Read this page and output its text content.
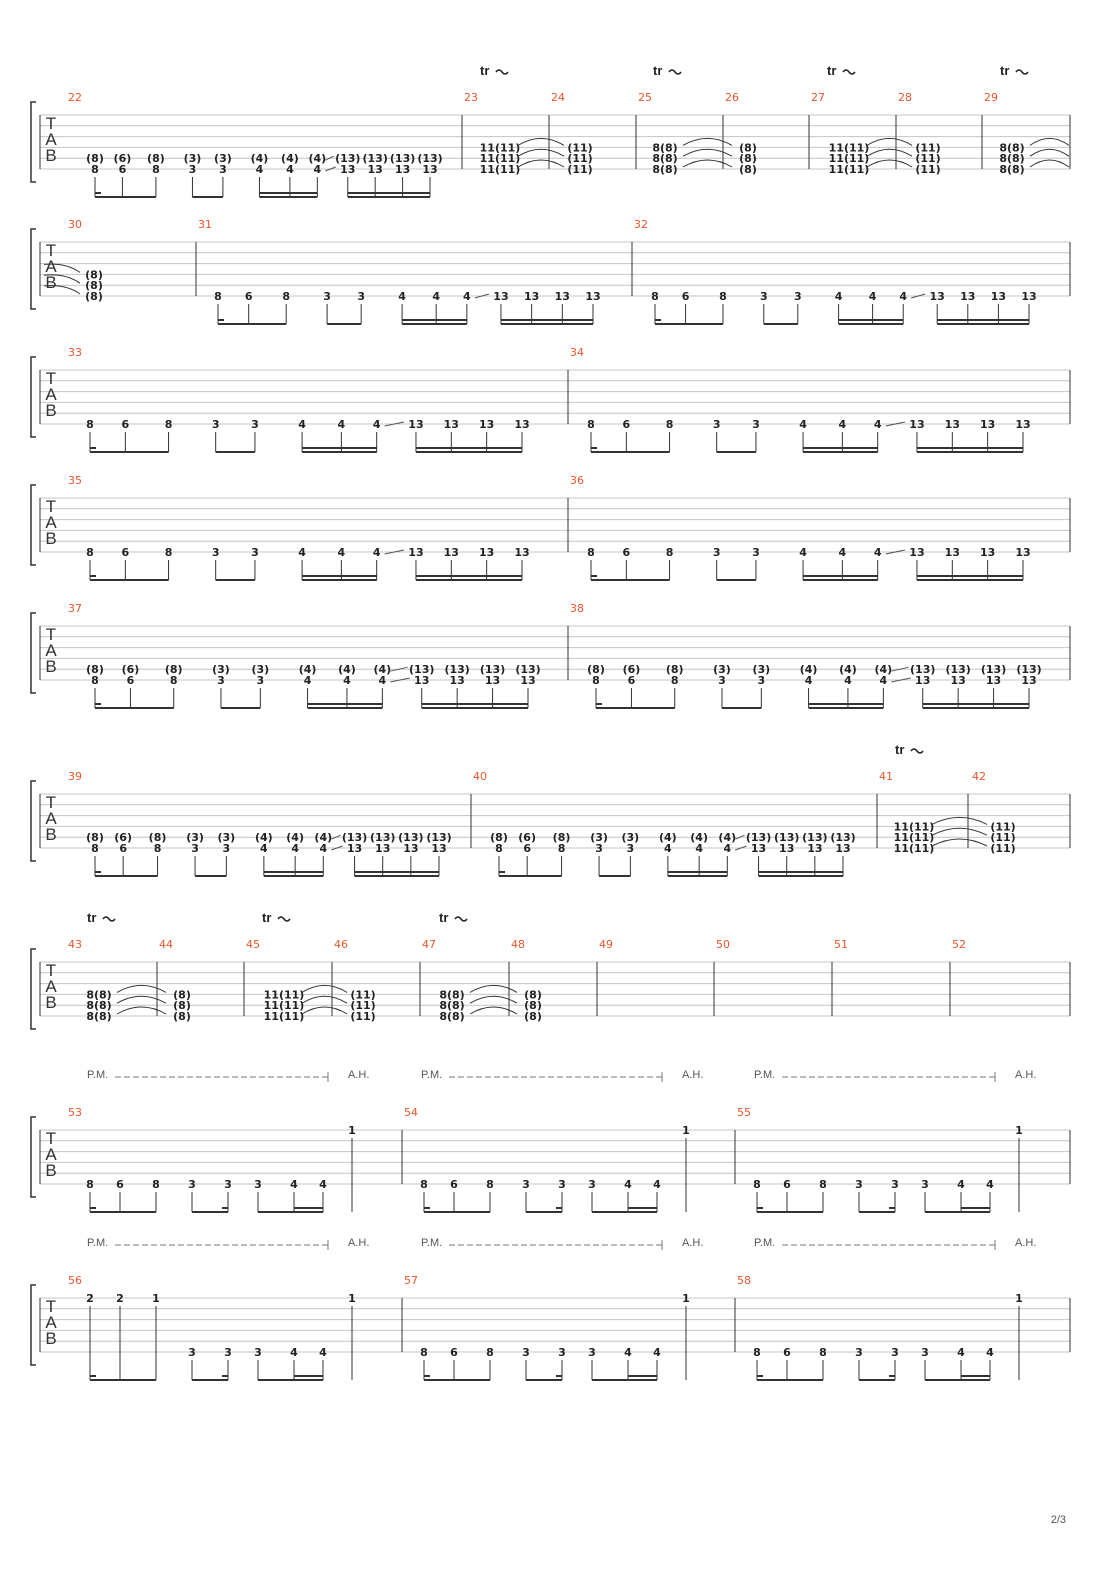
T
A
B
22	23	24	25	26	27	28	29
(8)
8
(6)
6
(8)
8
(3)
3
(3)
3
(4)
4
(4)
4
(4)
4
(13)
13
(13)
13
(13)
13
(13)
13
11(11)
11(11)
11(11)
(11)
(11)
(11)
8(8)
8(8)
8(8)
(8)
(8)
(8)
11(11)
11(11)
11(11)
(11)
(11)
(11)
8(8)
8(8)
8(8)
tr	tr	tr	tr
T
A
B
30	31	32
(8)
(8)
(8)	8 6	8	3 3	4 4 4 13 13 13 13	8 6	8	3 3	4 4 4 13 13 13 13
T
A
B
33	34
8	6	8	3	3	4	4	4	13 13 13 13	8	6	8	3	3	4	4	4	13 13 13 13
T
A
B
35	36
8	6	8	3	3	4	4	4	13 13 13 13	8	6	8	3	3	4	4	4	13 13 13 13
T
A
B
37	38
(8)
8
(6)
6
(8)
8
(3)
3
(3)
3
(4)
4
(4)
4
(4)
4
(13)
13
(13)
13
(13)
13
(13)
13
(8)
8
(6)
6
(8)
8
(3)
3
(3)
3
(4)
4
(4)
4
(4)
4
(13)
13
(13)
13
(13)
13
(13)
13
T
A
B
39	40	41	42
(8)
8
(6)
6
(8)
8
(3)
3
(3)
3
(4)
4
(4)
4
(4)
4
(13)
13
(13)
13
(13)
13
(13)
13
(8)
8
(6)
6
(8)
8
(3)
3
(3)
3
(4)
4
(4)
4
(4)
4
(13)
13
(13)
13
(13)
13
(13)
13
11(11)
11(11)
11(11)
(11)
(11)
(11)
tr
T
A
B
43	44	45	46	47	48	49	50	51	52
8(8)
8(8)
8(8)
(8)
(8)
(8)
11(11)
11(11)
11(11)
(11)
(11)
(11)
8(8)
8(8)
8(8)
(8)
(8)
(8)
tr	tr	tr
T
A
B
53	54	55
8 6	8	3	3 3	4 4
1
P.M.	A.H.
8 6	8	3	3 3	4 4
1
P.M.	A.H.
8 6	8	3	3 3	4 4
1
P.M.	A.H.
T
A
B
56	57	58
2 2	1
3	3 3	4 4
1
P.M.	A.H.
8 6	8	3	3 3	4 4
1
P.M.	A.H.
8 6	8	3	3 3	4 4
1
P.M.	A.H.
2/3
